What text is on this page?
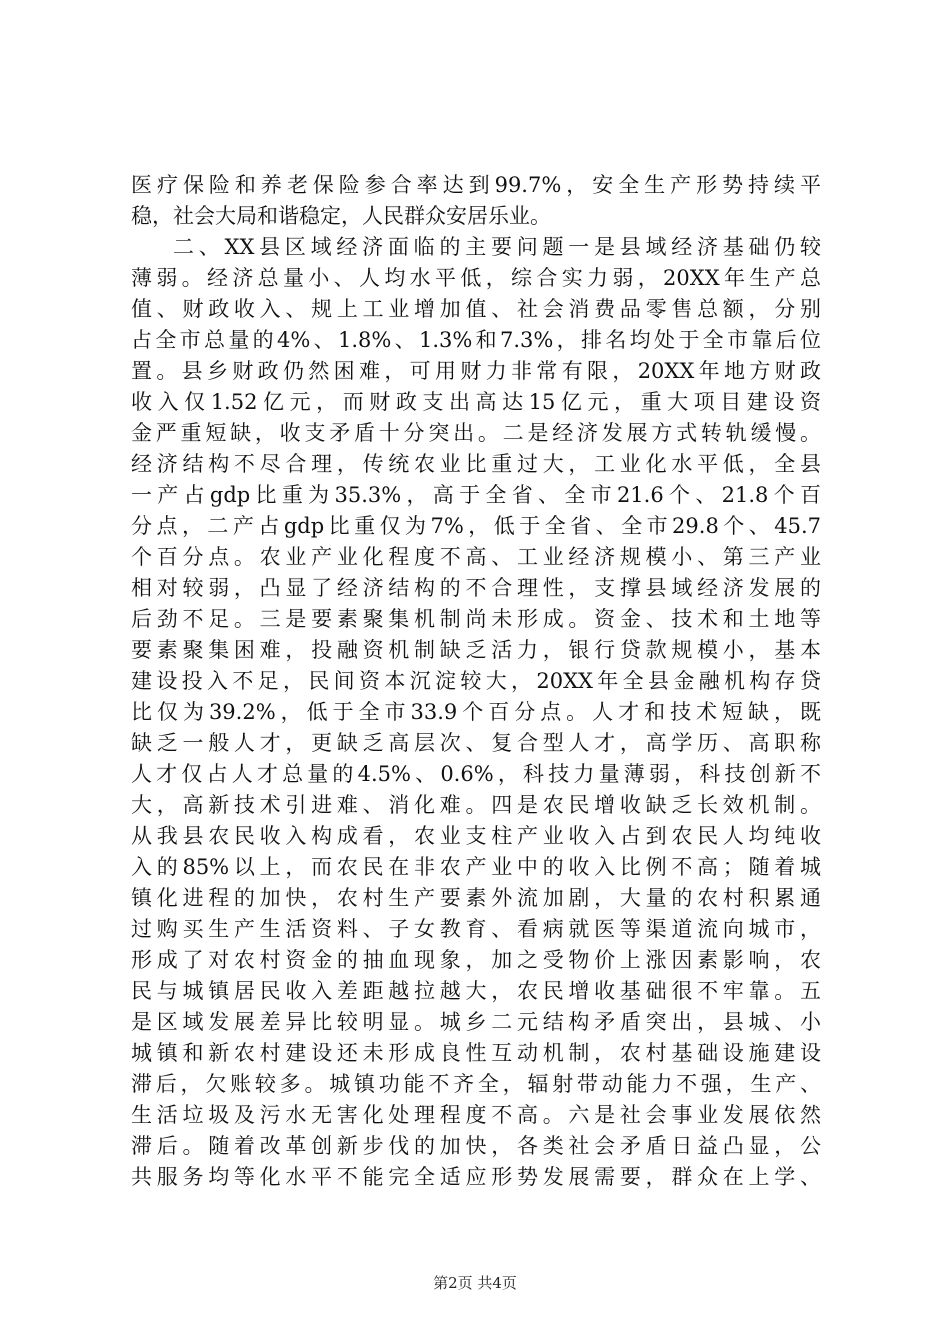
医疗保险和养老保险参合率达到99.7%，安全生产形势持续平
稳，社会大局和谐稳定，人民群众安居乐业。
二、XX县区域经济面临的主要问题一是县域经济基础仍较
薄弱。经济总量小、人均水平低，综合实力弱，20XX年生产总
值、财政收入、规上工业增加值、社会消费品零售总额，分别
占全市总量的4%、1.8%、1.3%和7.3%，排名均处于全市靠后位
置。县乡财政仍然困难，可用财力非常有限，20XX年地方财政
收入仅1.52亿元，而财政支出高达15亿元，重大项目建设资
金严重短缺，收支矛盾十分突出。二是经济发展方式转轨缓慢。
经济结构不尽合理，传统农业比重过大，工业化水平低，全县
一产占gdp比重为35.3%，高于全省、全市21.6个、21.8个百
分点，二产占gdp比重仅为7%，低于全省、全市29.8个、45.7
个百分点。农业产业化程度不高、工业经济规模小、第三产业
相对较弱，凸显了经济结构的不合理性，支撑县域经济发展的
后劲不足。三是要素聚集机制尚未形成。资金、技术和土地等
要素聚集困难，投融资机制缺乏活力，银行贷款规模小，基本
建设投入不足，民间资本沉淀较大，20XX年全县金融机构存贷
比仅为39.2%，低于全市33.9个百分点。人才和技术短缺，既
缺乏一般人才，更缺乏高层次、复合型人才，高学历、高职称
人才仅占人才总量的4.5%、0.6%，科技力量薄弱，科技创新不
大，高新技术引进难、消化难。四是农民增收缺乏长效机制。
从我县农民收入构成看，农业支柱产业收入占到农民人均纯收
入的85%以上，而农民在非农产业中的收入比例不高；随着城
镇化进程的加快，农村生产要素外流加剧，大量的农村积累通
过购买生产生活资料、子女教育、看病就医等渠道流向城市，
形成了对农村资金的抽血现象，加之受物价上涨因素影响，农
民与城镇居民收入差距越拉越大，农民增收基础很不牢靠。五
是区域发展差异比较明显。城乡二元结构矛盾突出，县城、小
城镇和新农村建设还未形成良性互动机制，农村基础设施建设
滞后，欠账较多。城镇功能不齐全，辐射带动能力不强，生产、
生活垃圾及污水无害化处理程度不高。六是社会事业发展依然
滞后。随着改革创新步伐的加快，各类社会矛盾日益凸显，公
共服务均等化水平不能完全适应形势发展需要，群众在上学、
第2页 共4页
